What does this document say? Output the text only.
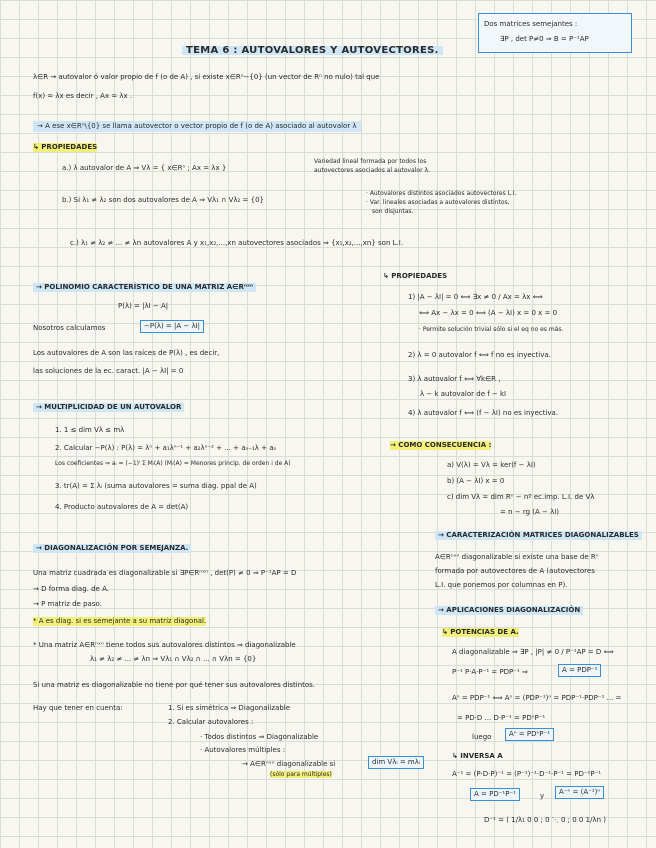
Dos matrices semejantes :
∃P , det P≠0 ⇒ B = P⁻¹AP
TEMA 6 : AUTOVALORES Y AUTOVECTORES.
λ∈R → autovalor ó valor propio de f (o de A) , si existe x∈Rⁿ−{0} (un vector de Rⁿ no nulo) tal que
f(x) = λx es decir , Ax = λx .
→ A ese x∈Rⁿ\{0} se llama autovector o vector propio de f (o de A) asociado al autovalor λ
↳ PROPIEDADES
a.) λ autovalor de A ⇒ Vλ = { x∈Rⁿ ; Ax = λx }
Variedad lineal formada por todos los
autovectores asociados al autovalor λ.
b.) Si λ₁ ≠ λ₂ son dos autovalores de A ⇒ Vλ₁ ∩ Vλ₂ = {0}
· Autovalores distintos asociados autovectores L.I.
· Var. lineales asociadas a autovalores distintos,
son disjuntas.
c.) λ₁ ≠ λ₂ ≠ ... ≠ λn autovalores A y x₁,x₂,...,xn autovectores asociados ⇒ {x₁,x₂,...,xn} son L.I.
→ POLINOMIO CARACTERÍSTICO DE UNA MATRIZ A∈Rⁿˣⁿ
P(λ) = |λI − A|
Nosotros calculamos	−P(λ) = |A − λI|
Los autovalores de A son las raíces de P(λ) , es decir,
las soluciones de la ec. caract. |A − λI| = 0
→ MULTIPLICIDAD DE UN AUTOVALOR
1. 1 ≤ dim Vλ ≤ mλ
2. Calcular −P(λ) : P(λ) = λⁿ + a₁λⁿ⁻¹ + a₂λⁿ⁻² + ... + aₙ₋₁λ + aₙ
Los coeficientes ⇒ aᵢ = (−1)ⁱ Σ Mᵢ(A) (Mᵢ(A) = Menores princip. de orden i de A)
3. tr(A) = Σ λᵢ (suma autovalores = suma diag. ppal de A)
4. Producto autovalores de A = det(A)
↳ PROPIEDADES
1) |A − λI| = 0 ⟺ ∃x ≠ 0 / Ax = λx ⟺
⟺ Ax − λx = 0 ⟺ (A − λI) x = 0 x = 0
· Permite solución trivial sólo si el eq no es más.
2) λ = 0 autovalor f ⟺ f no es inyectiva.
3) λ autovalor f ⟺ ∀k∈R ,
λ − k autovalor de f − kI
4) λ autovalor f ⟺ (f − λI) no es inyectiva.
→ COMO CONSECUENCIA :
a) V(λ) = Vλ = ker(f − λI)
b) (A − λI) x = 0
c) dim Vλ = dim Rⁿ − nº ec.imp. L.I. de Vλ
= n − rg (A − λI)
→ DIAGONALIZACIÓN POR SEMEJANZA.
Una matriz cuadrada es diagonalizable si ∃P∈Rⁿˣⁿ , det(P) ≠ 0 ⇒ P⁻¹AP = D
→ D forma diag. de A.
→ P matriz de paso.
* A es diag. si es semejante a su matriz diagonal.
* Una matriz A∈Rⁿˣⁿ tiene todos sus autovalores distintos ⇒ diagonalizable
λ₁ ≠ λ₂ ≠ ... ≠ λn ⇒ Vλ₁ ∩ Vλ₂ ∩ ... ∩ Vλn = {0}
Si una matriz es diagonalizable no tiene por qué tener sus autovalores distintos.
Hay que tener en cuenta:	1. Si es simétrica ⇒ Diagonalizable
2. Calcular autovalores :
· Todos distintos ⇒ Diagonalizable
· Autovalores múltiples :
→ A∈Rⁿˣⁿ diagonalizable si	dim Vλᵢ = mλᵢ
(sólo para múltiples)
→ CARACTERIZACIÓN MATRICES DIAGONALIZABLES
A∈Rⁿˣⁿ diagonalizable si existe una base de Rⁿ
formada por autovectores de A (autovectores
L.I. que ponemos por columnas en P).
→ APLICACIONES DIAGONALIZACIÓN
↳ POTENCIAS DE A.
A diagonalizable ⇒ ∃P , |P| ≠ 0 / P⁻¹AP = D ⟺
P⁻¹ P·A·P⁻¹ = PDP⁻¹ ⇒	A = PDP⁻¹
Aⁿ = PDP⁻¹ ⟺ Aⁿ = (PDP⁻¹)ⁿ = PDP⁻¹·PDP⁻¹ ... =
= PD·D ... D·P⁻¹ = PDⁿP⁻¹
luego	Aⁿ = PDⁿP⁻¹
↳ INVERSA A
A⁻¹ = (P·D·P)⁻¹ = (P⁻¹)⁻¹·D⁻¹·P⁻¹ = PD⁻¹P⁻¹
A = PD⁻¹P⁻¹	y	A⁻ⁿ = (A⁻¹)ⁿ
D⁻¹ = ( 1/λ₁ 0 0 ; 0 ⋱ 0 ; 0 0 1/λn )
